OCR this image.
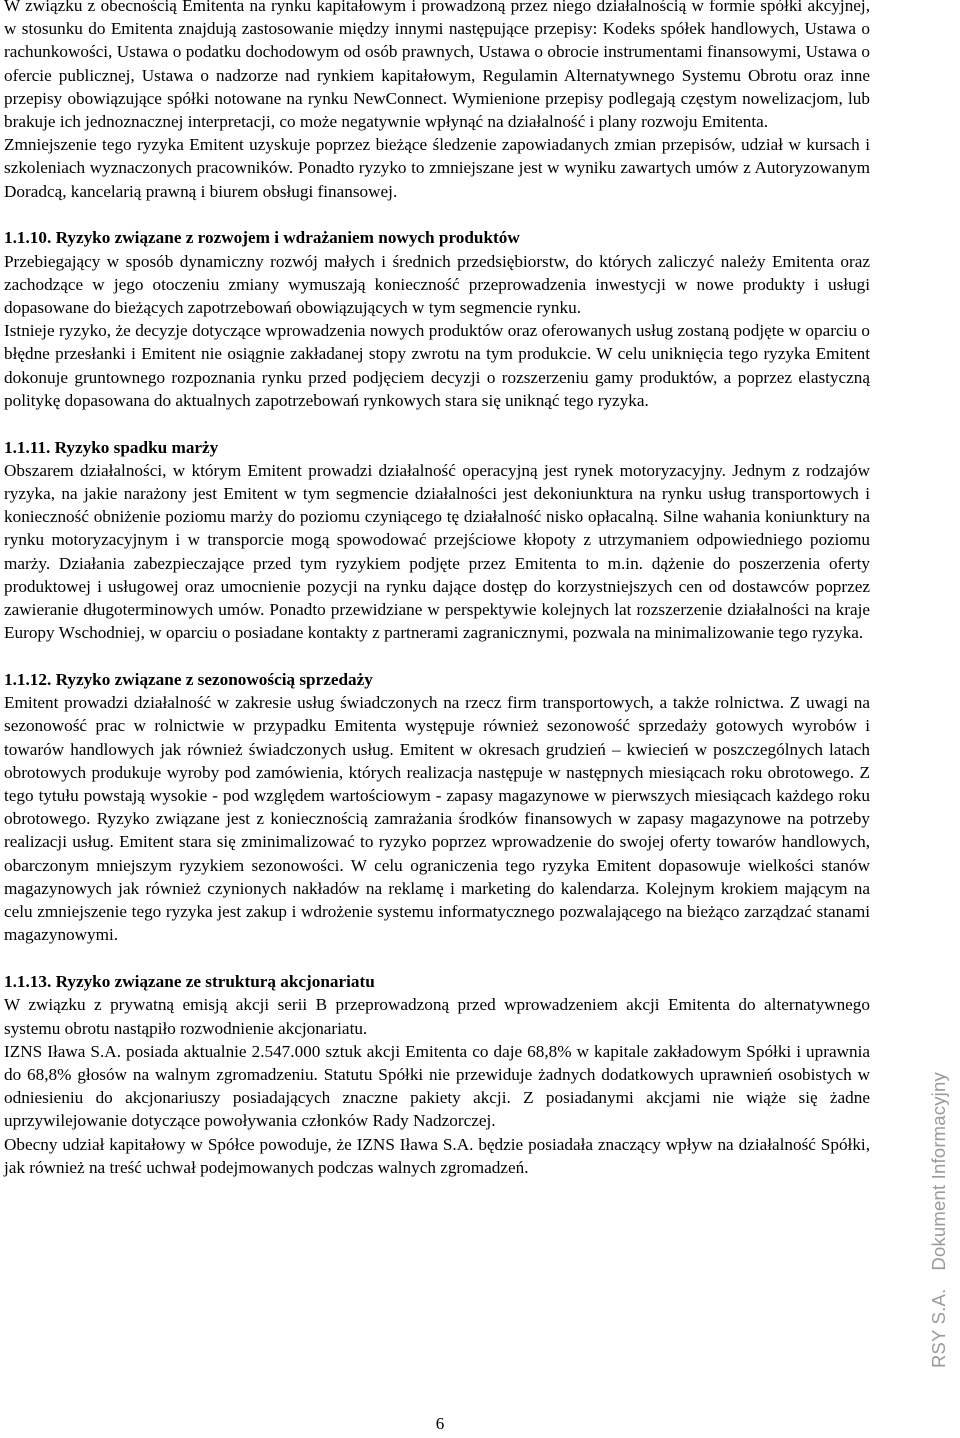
W związku z obecnością Emitenta na rynku kapitałowym i prowadzoną przez niego działalnością w formie spółki akcyjnej, w stosunku do Emitenta znajdują zastosowanie między innymi następujące przepisy: Kodeks spółek handlowych, Ustawa o rachunkowości, Ustawa o podatku dochodowym od osób prawnych, Ustawa o obrocie instrumentami finansowymi, Ustawa o ofercie publicznej, Ustawa o nadzorze nad rynkiem kapitałowym, Regulamin Alternatywnego Systemu Obrotu oraz inne przepisy obowiązujące spółki notowane na rynku NewConnect. Wymienione przepisy podlegają częstym nowelizacjom, lub brakuje ich jednoznacznej interpretacji, co może negatywnie wpłynąć na działalność i plany rozwoju Emitenta.

Zmniejszenie tego ryzyka Emitent uzyskuje poprzez bieżące śledzenie zapowiadanych zmian przepisów, udział w kursach i szkoleniach wyznaczonych pracowników. Ponadto ryzyko to zmniejszane jest w wyniku zawartych umów z Autoryzowanym Doradcą, kancelarią prawną i biurem obsługi finansowej.

1.1.10. Ryzyko związane z rozwojem i wdrażaniem nowych produktów

Przebiegający w sposób dynamiczny rozwój małych i średnich przedsiębiorstw, do których zaliczyć należy Emitenta oraz zachodzące w jego otoczeniu zmiany wymuszają konieczność przeprowadzenia inwestycji w nowe produkty i usługi dopasowane do bieżących zapotrzebowań obowiązujących w tym segmencie rynku.

Istnieje ryzyko, że decyzje dotyczące wprowadzenia nowych produktów oraz oferowanych usług zostaną podjęte w oparciu o błędne przesłanki i Emitent nie osiągnie zakładanej stopy zwrotu na tym produkcie. W celu uniknięcia tego ryzyka Emitent dokonuje gruntownego rozpoznania rynku przed podjęciem decyzji o rozszerzeniu gamy produktów, a poprzez elastyczną politykę dopasowana do aktualnych zapotrzebowań rynkowych stara się uniknąć tego ryzyka.

1.1.11. Ryzyko spadku marży

Obszarem działalności, w którym Emitent prowadzi działalność operacyjną jest rynek motoryzacyjny. Jednym z rodzajów ryzyka, na jakie narażony jest Emitent w tym segmencie działalności jest dekoniunktura na rynku usług transportowych i konieczność obniżenie poziomu marży do poziomu czyniącego tę działalność nisko opłacalną. Silne wahania koniunktury na rynku motoryzacyjnym i w transporcie mogą spowodować przejściowe kłopoty z utrzymaniem odpowiedniego poziomu marży. Działania zabezpieczające przed tym ryzykiem podjęte przez Emitenta to m.in. dążenie do poszerzenia oferty produktowej i usługowej oraz umocnienie pozycji na rynku dające dostęp do korzystniejszych cen od dostawców poprzez zawieranie długoterminowych umów. Ponadto przewidziane w perspektywie kolejnych lat rozszerzenie działalności na kraje Europy Wschodniej, w oparciu o posiadane kontakty z partnerami zagranicznymi, pozwala na minimalizowanie tego ryzyka.

1.1.12. Ryzyko związane z sezonowością sprzedaży

Emitent prowadzi działalność w zakresie usług świadczonych na rzecz firm transportowych, a także rolnictwa. Z uwagi na sezonowość prac w rolnictwie w przypadku Emitenta występuje również sezonowość sprzedaży gotowych wyrobów i towarów handlowych jak również świadczonych usług. Emitent w okresach grudzień – kwiecień w poszczególnych latach obrotowych produkuje wyroby pod zamówienia, których realizacja następuje w następnych miesiącach roku obrotowego. Z tego tytułu powstają wysokie - pod względem wartościowym - zapasy magazynowe w pierwszych miesiącach każdego roku obrotowego. Ryzyko związane jest z koniecznością zamrażania środków finansowych w zapasy magazynowe na potrzeby realizacji usług. Emitent stara się zminimalizować to ryzyko poprzez wprowadzenie do swojej oferty towarów handlowych, obarczonym mniejszym ryzykiem sezonowości. W celu ograniczenia tego ryzyka Emitent dopasowuje wielkości stanów magazynowych jak również czynionych nakładów na reklamę i marketing do kalendarza. Kolejnym krokiem mającym na celu zmniejszenie tego ryzyka jest zakup i wdrożenie systemu informatycznego pozwalającego na bieżąco zarządzać stanami magazynowymi.

1.1.13. Ryzyko związane ze strukturą akcjonariatu

W związku z prywatną emisją akcji serii B przeprowadzoną przed wprowadzeniem akcji Emitenta do alternatywnego systemu obrotu nastąpiło rozwodnienie akcjonariatu.

IZNS Iława S.A. posiada aktualnie 2.547.000 sztuk akcji Emitenta co daje 68,8% w kapitale zakładowym Spółki i uprawnia do 68,8% głosów na walnym zgromadzeniu. Statutu Spółki nie przewiduje żadnych dodatkowych uprawnień osobistych w odniesieniu do akcjonariuszy posiadających znaczne pakiety akcji. Z posiadanymi akcjami nie wiąże się żadne uprzywilejowanie dotyczące powoływania członków Rady Nadzorczej.

Obecny udział kapitałowy w Spółce powoduje, że IZNS Iława S.A. będzie posiadała znaczący wpływ na działalność Spółki, jak również na treść uchwał podejmowanych podczas walnych zgromadzeń.

RSY S.A.Dokument Informacyjny
6
